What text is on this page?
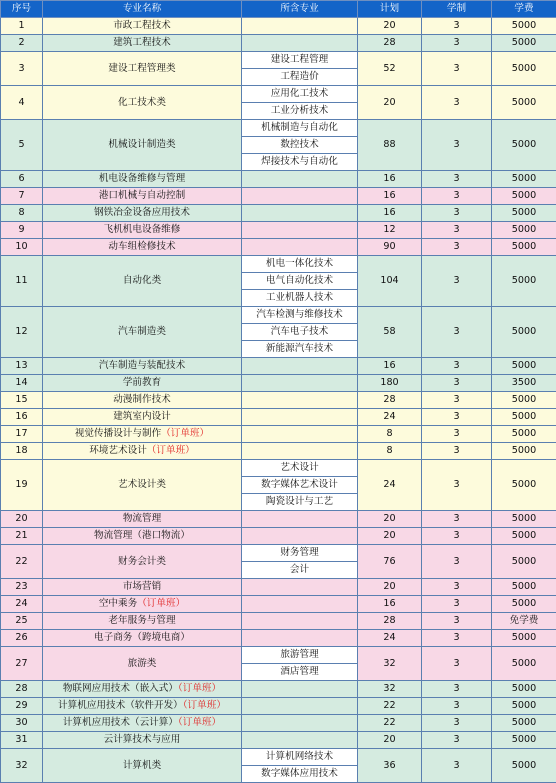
序号	专业名称	所含专业	计划	学制	学费
1	市政工程技术		20	3	5000
2	建筑工程技术		28	3	5000
3	建设工程管理类	建设工程管理	52	3	5000
		工程造价			
4	化工技术类	应用化工技术	20	3	5000
		工业分析技术			
5	机械设计制造类	机械制造与自动化	88	3	5000
		数控技术			
		焊接技术与自动化			
6	机电设备维修与管理		16	3	5000
7	港口机械与自动控制		16	3	5000
8	钢铁冶金设备应用技术		16	3	5000
9	飞机机电设备维修		12	3	5000
10	动车组检修技术		90	3	5000
11	自动化类	机电一体化技术	104	3	5000
		电气自动化技术			
		工业机器人技术			
12	汽车制造类	汽车检测与维修技术	58	3	5000
		汽车电子技术			
		新能源汽车技术			
13	汽车制造与装配技术		16	3	5000
14	学前教育		180	3	3500
15	动漫制作技术		28	3	5000
16	建筑室内设计		24	3	5000
17	视觉传播设计与制作（订单班）		8	3	5000
18	环境艺术设计（订单班）		8	3	5000
19	艺术设计类	艺术设计	24	3	5000
		数字媒体艺术设计			
		陶瓷设计与工艺			
20	物流管理		20	3	5000
21	物流管理（港口物流）		20	3	5000
22	财务会计类	财务管理	76	3	5000
		会计			
23	市场营销		20	3	5000
24	空中乘务（订单班）		16	3	5000
25	老年服务与管理		28	3	免学费
26	电子商务（跨境电商）		24	3	5000
27	旅游类	旅游管理	32	3	5000
		酒店管理			
28	物联网应用技术（嵌入式）（订单班）		32	3	5000
29	计算机应用技术（软件开发）（订单班）		22	3	5000
30	计算机应用技术（云计算）（订单班）		22	3	5000
31	云计算技术与应用		20	3	5000
32	计算机类	计算机网络技术	36	3	5000
		数字媒体应用技术			
